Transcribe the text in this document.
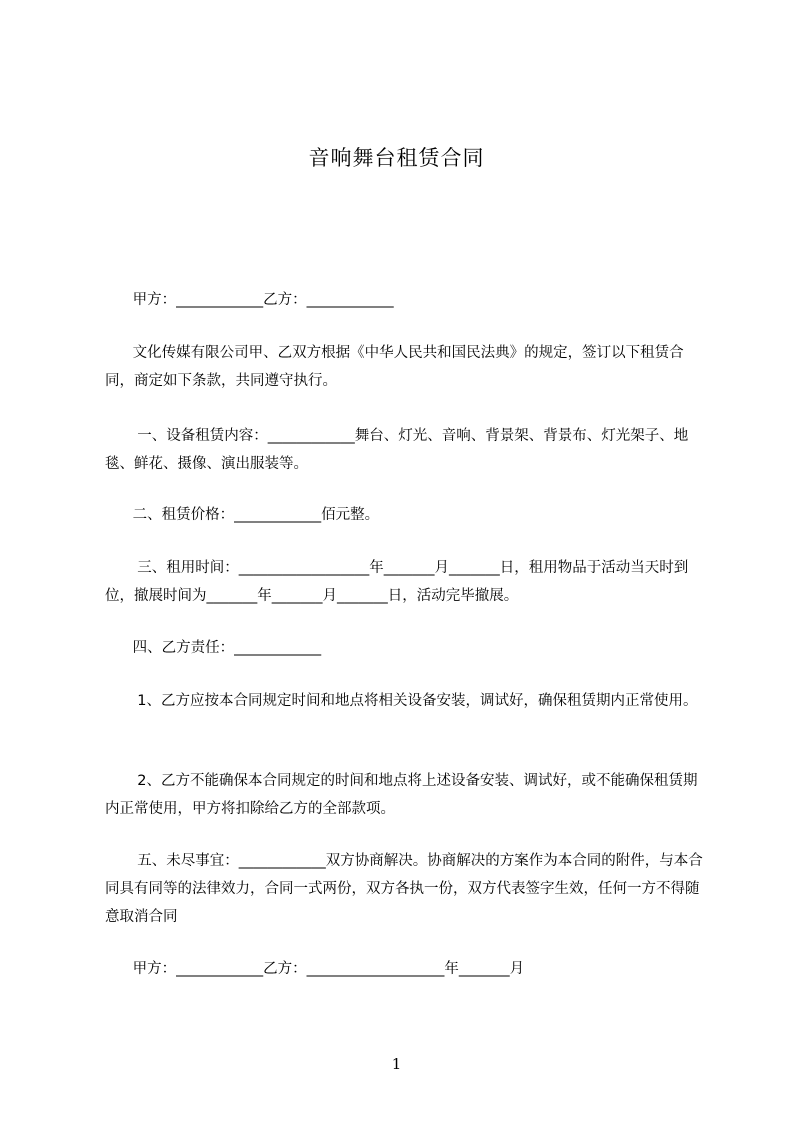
音响舞台租赁合同
甲方：____________乙方：____________
文化传媒有限公司甲、乙双方根据《中华人民共和国民法典》的规定，签订以下租赁合同，商定如下条款，共同遵守执行。
一、设备租赁内容：____________舞台、灯光、音响、背景架、背景布、灯光架子、地毯、鲜花、摄像、演出服装等。
二、租赁价格：____________佰元整。
三、租用时间：__________________年_______月_______日，租用物品于活动当天时到位，撤展时间为_______年_______月_______日，活动完毕撤展。
四、乙方责任：____________
1、乙方应按本合同规定时间和地点将相关设备安装，调试好，确保租赁期内正常使用。
2、乙方不能确保本合同规定的时间和地点将上述设备安装、调试好，或不能确保租赁期内正常使用，甲方将扣除给乙方的全部款项。
五、未尽事宜：____________双方协商解决。协商解决的方案作为本合同的附件，与本合同具有同等的法律效力，合同一式两份，双方各执一份，双方代表签字生效，任何一方不得随意取消合同
甲方：____________乙方：___________________年_______月
1
